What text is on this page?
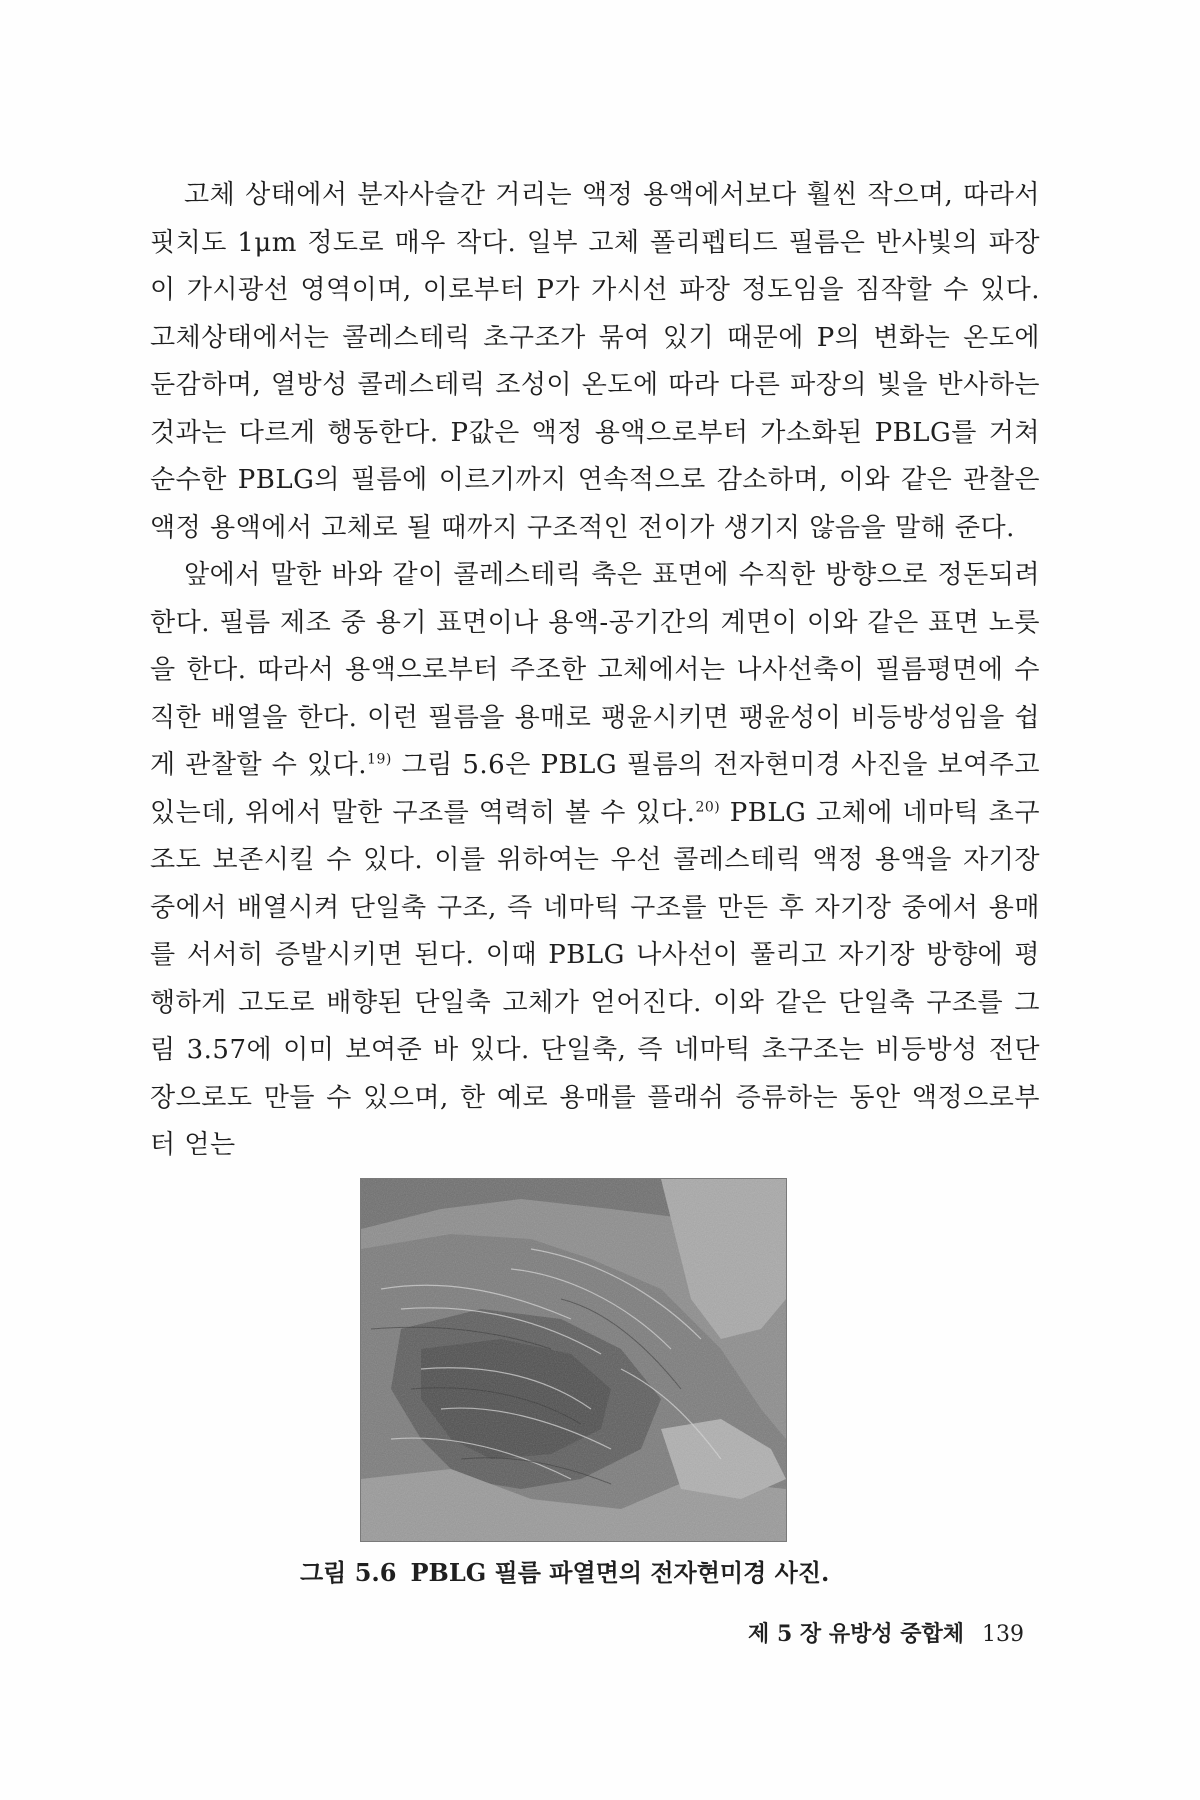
고체 상태에서 분자사슬간 거리는 액정 용액에서보다 훨씬 작으며, 따라서 핏치도 1μm 정도로 매우 작다. 일부 고체 폴리펩티드 필름은 반사빛의 파장이 가시광선 영역이며, 이로부터 P가 가시선 파장 정도임을 짐작할 수 있다. 고체상태에서는 콜레스테릭 초구조가 묶여 있기 때문에 P의 변화는 온도에 둔감하며, 열방성 콜레스테릭 조성이 온도에 따라 다른 파장의 빛을 반사하는 것과는 다르게 행동한다. P값은 액정 용액으로부터 가소화된 PBLG를 거쳐 순수한 PBLG의 필름에 이르기까지 연속적으로 감소하며, 이와 같은 관찰은 액정 용액에서 고체로 될 때까지 구조적인 전이가 생기지 않음을 말해 준다.

앞에서 말한 바와 같이 콜레스테릭 축은 표면에 수직한 방향으로 정돈되려 한다. 필름 제조 중 용기 표면이나 용액-공기간의 계면이 이와 같은 표면 노릇을 한다. 따라서 용액으로부터 주조한 고체에서는 나사선축이 필름평면에 수직한 배열을 한다. 이런 필름을 용매로 팽윤시키면 팽윤성이 비등방성임을 쉽게 관찰할 수 있다.$^{19)}$ 그림 5.6은 PBLG 필름의 전자현미경 사진을 보여주고 있는데, 위에서 말한 구조를 역력히 볼 수 있다.$^{20)}$ PBLG 고체에 네마틱 초구조도 보존시킬 수 있다. 이를 위하여는 우선 콜레스테릭 액정 용액을 자기장 중에서 배열시켜 단일축 구조, 즉 네마틱 구조를 만든 후 자기장 중에서 용매를 서서히 증발시키면 된다. 이때 PBLG 나사선이 풀리고 자기장 방향에 평행하게 고도로 배향된 단일축 고체가 얻어진다. 이와 같은 단일축 구조를 그림 3.57에 이미 보여준 바 있다. 단일축, 즉 네마틱 초구조는 비등방성 전단장으로도 만들 수 있으며, 한 예로 용매를 플래쉬 증류하는 동안 액정으로부터 얻는

그림 5.6 PBLG 필름 파열면의 전자현미경 사진.

제 5 장 유방성 중합체 139
